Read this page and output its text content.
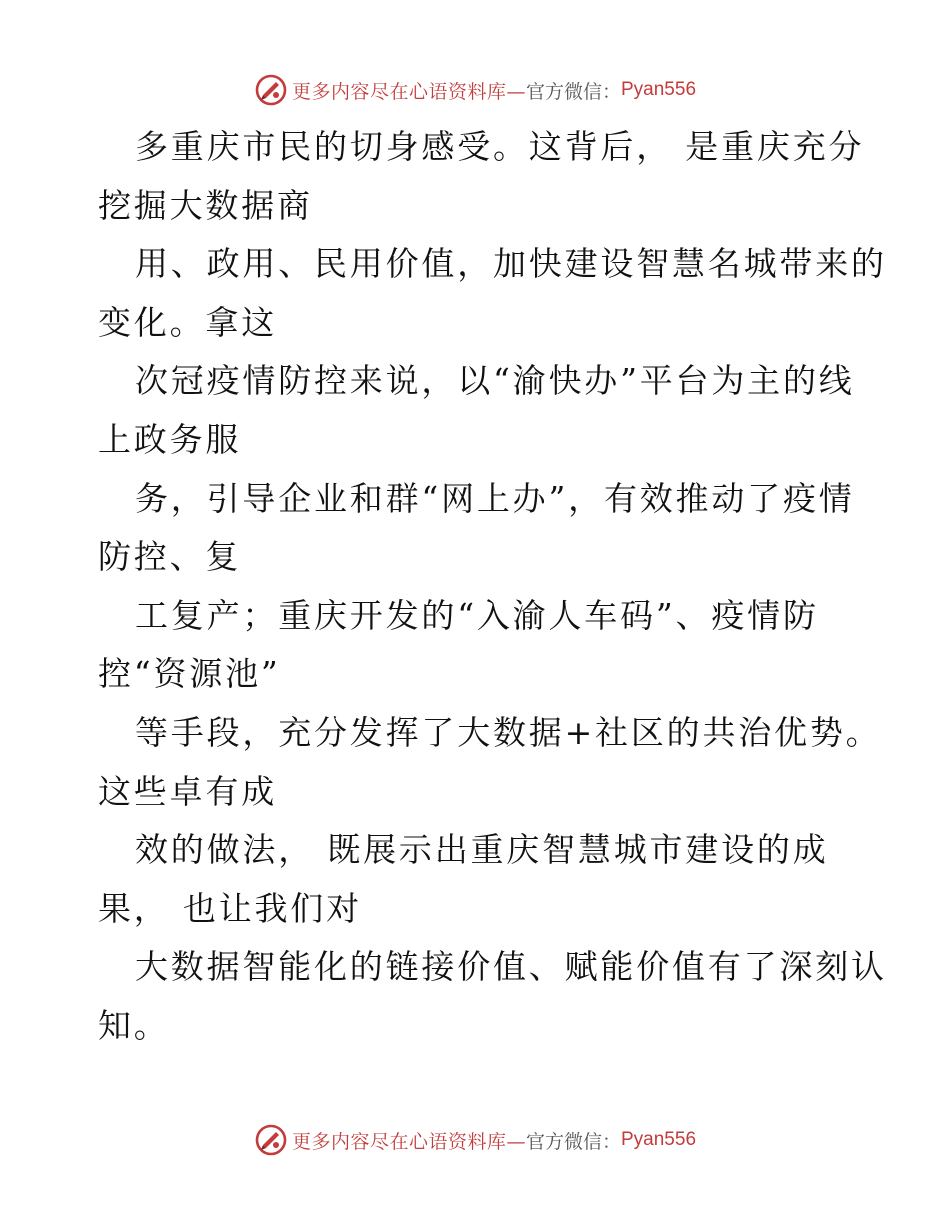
更多内容尽在心语资料库— 官方微信： Pyan556
多重庆市民的切身感受。这背后， 是重庆充分
挖掘大数据商
用、政用、民用价值，加快建设智慧名城带来的
变化。拿这
次冠疫情防控来说，以“渝快办”平台为主的线
上政务服
务，引导企业和群“网上办”，有效推动了疫情
防控、复
工复产；重庆开发的“入渝人车码”、疫情防
控“资源池”
等手段，充分发挥了大数据+社区的共治优势。
这些卓有成
效的做法， 既展示出重庆智慧城市建设的成
果， 也让我们对
大数据智能化的链接价值、赋能价值有了深刻认
知。
更多内容尽在心语资料库— 官方微信： Pyan556
